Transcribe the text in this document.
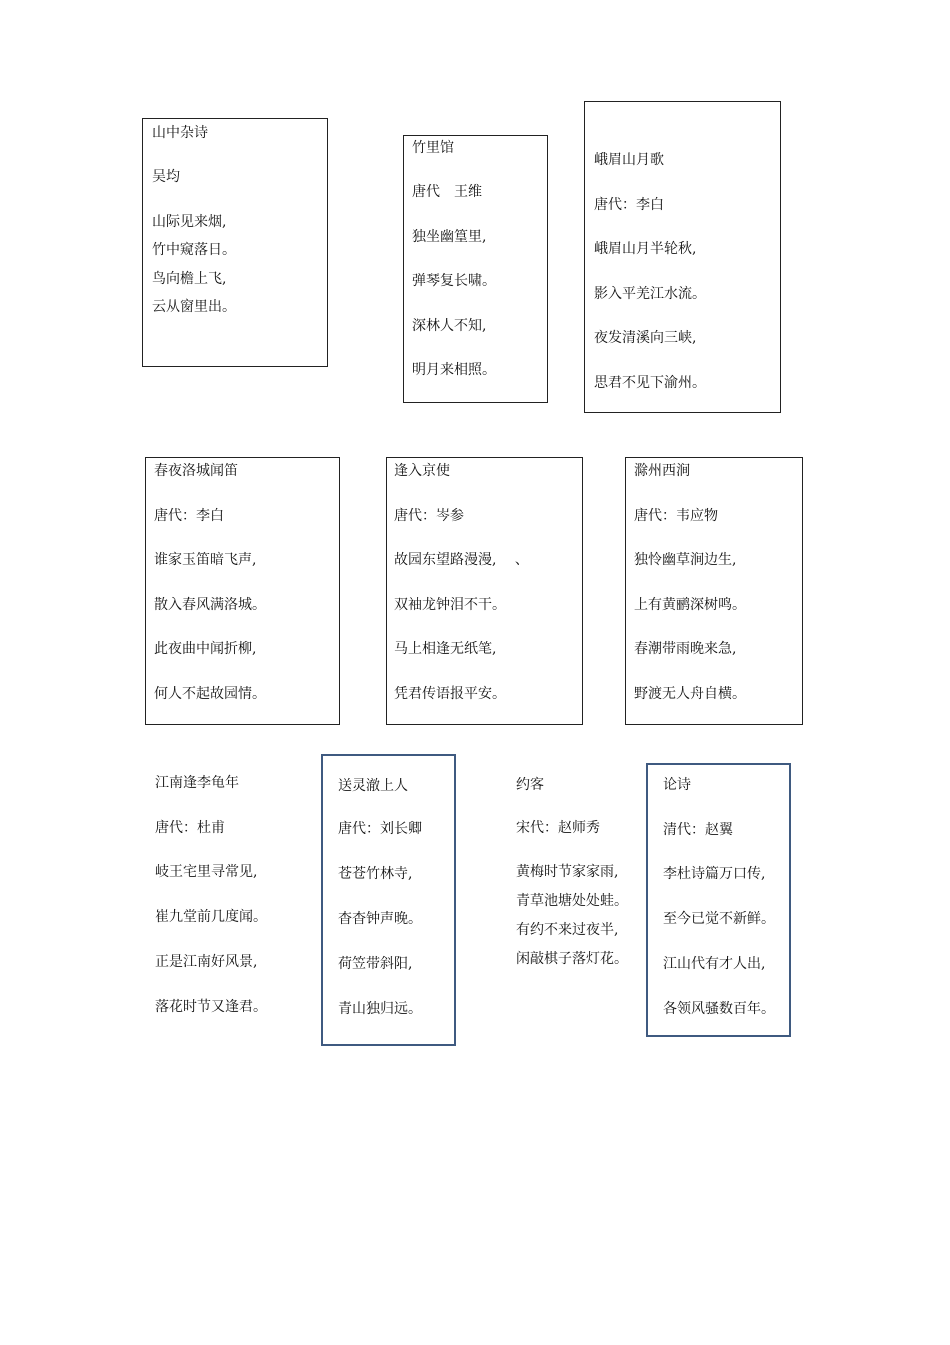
山中杂诗

吴均

山际见来烟,

竹中窥落日。

鸟向檐上飞,

云从窗里出。

竹里馆

唐代　王维

独坐幽篁里,

弹琴复长啸。

深林人不知,

明月来相照。

峨眉山月歌

唐代：李白

峨眉山月半轮秋,

影入平羌江水流。

夜发清溪向三峡,

思君不见下渝州。

春夜洛城闻笛

唐代：李白

谁家玉笛暗飞声,

散入春风满洛城。

此夜曲中闻折柳,

何人不起故园情。

逢入京使

唐代：岑参

故园东望路漫漫,　 、

双袖龙钟泪不干。

马上相逢无纸笔,

凭君传语报平安。

滁州西涧

唐代：韦应物

独怜幽草涧边生,

上有黄鹂深树鸣。

春潮带雨晚来急,

野渡无人舟自横。

江南逢李龟年

唐代：杜甫

岐王宅里寻常见,

崔九堂前几度闻。

正是江南好风景,

落花时节又逢君。

送灵澈上人

唐代：刘长卿

苍苍竹林寺,

杳杳钟声晚。

荷笠带斜阳,

青山独归远。

约客

宋代：赵师秀

黄梅时节家家雨,

青草池塘处处蛙。

有约不来过夜半,

闲敲棋子落灯花。

论诗

清代：赵翼

李杜诗篇万口传,

至今已觉不新鲜。

江山代有才人出,

各领风骚数百年。
